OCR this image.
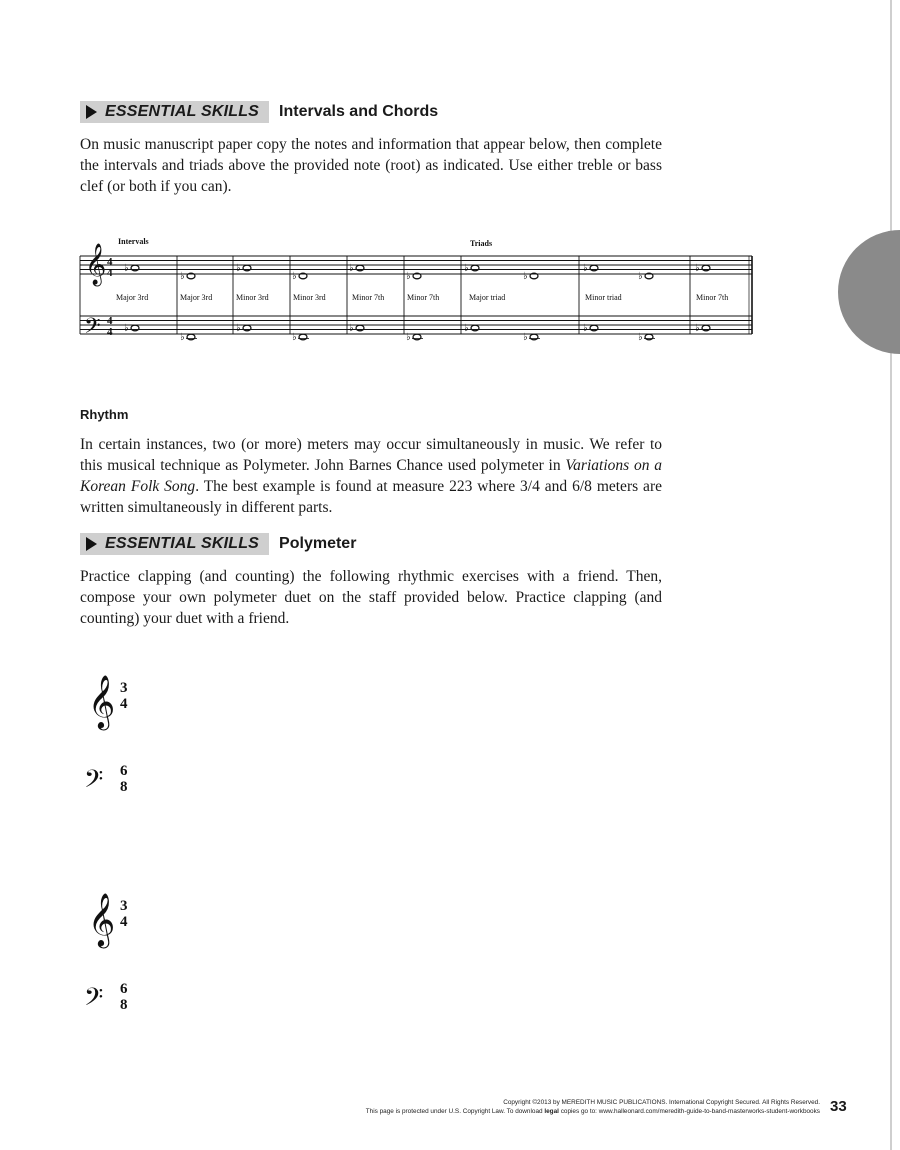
ESSENTIAL SKILLS Intervals and Chords

On music manuscript paper copy the notes and information that appear below, then complete the intervals and triads above the provided note (root) as indicated. Use either treble or bass clef (or both if you can).

♭
♭
♭
♭
♭
♭
♭
♭
♭
♭
♭
♭
♭
♭
♭
♭
♭
♭
♭
♭
♭
♭
𝄞
𝄢
4
4
4
4
Intervals	Triads
Major 3rd	Major 3rd	Minor 3rd	Minor 3rd	Minor 7th	Minor 7th	Major triad	Minor triad	Minor 7th

Rhythm

In certain instances, two (or more) meters may occur simultaneously in music. We refer to this musical technique as Polymeter. John Barnes Chance used polymeter in Variations on a Korean Folk Song. The best example is found at measure 223 where 3/4 and 6/8 meters are written simultaneously in different parts.

ESSENTIAL SKILLS Polymeter

Practice clapping (and counting) the following rhythmic exercises with a friend. Then, compose your own polymeter duet on the staff provided below. Practice clapping (and counting) your duet with a friend.

𝄞
𝄢
3
4
6
8
𝄞
𝄢
3
4
6
8
Copyright ©2013 by MEREDITH MUSIC PUBLICATIONS. International Copyright Secured. All Rights Reserved.
This page is protected under U.S. Copyright Law. To download legal copies go to: www.halleonard.com/meredith-guide-to-band-masterworks-student-workbooks 33
